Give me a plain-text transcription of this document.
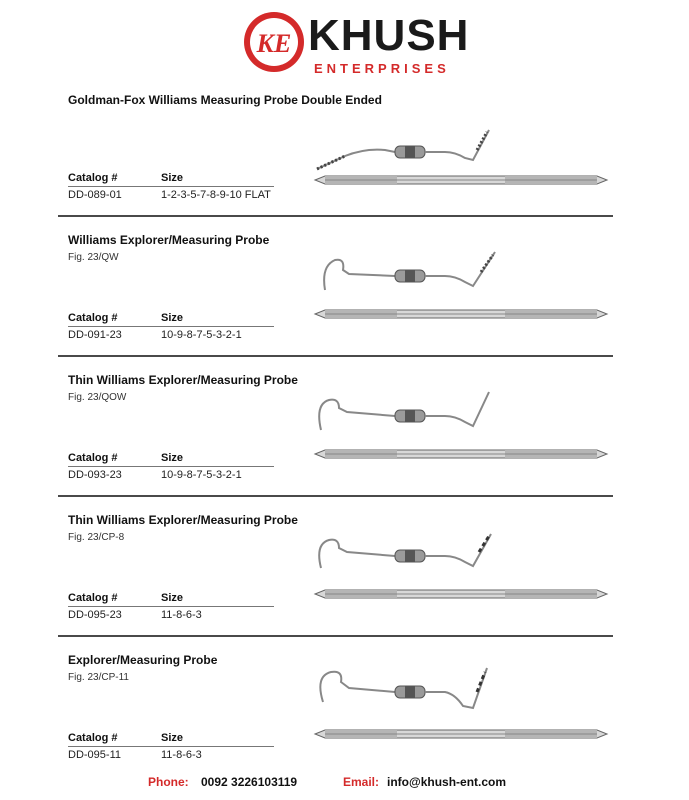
KE KHUSH
ENTERPRISES
Goldman-Fox Williams Measuring Probe Double Ended
Catalog #	Size
DD-089-01	1-2-3-5-7-8-9-10 FLAT
Williams Explorer/Measuring Probe
Fig. 23/QW
Catalog #	Size
DD-091-23	10-9-8-7-5-3-2-1
Thin Williams Explorer/Measuring Probe
Fig. 23/QOW
Catalog #	Size
DD-093-23	10-9-8-7-5-3-2-1
Thin Williams Explorer/Measuring Probe
Fig. 23/CP-8
Catalog #	Size
DD-095-23	11-8-6-3
Explorer/Measuring Probe
Fig. 23/CP-11
Catalog #	Size
DD-095-11	11-8-6-3
Phone: 0092 3226103119	Email: info@khush-ent.com
